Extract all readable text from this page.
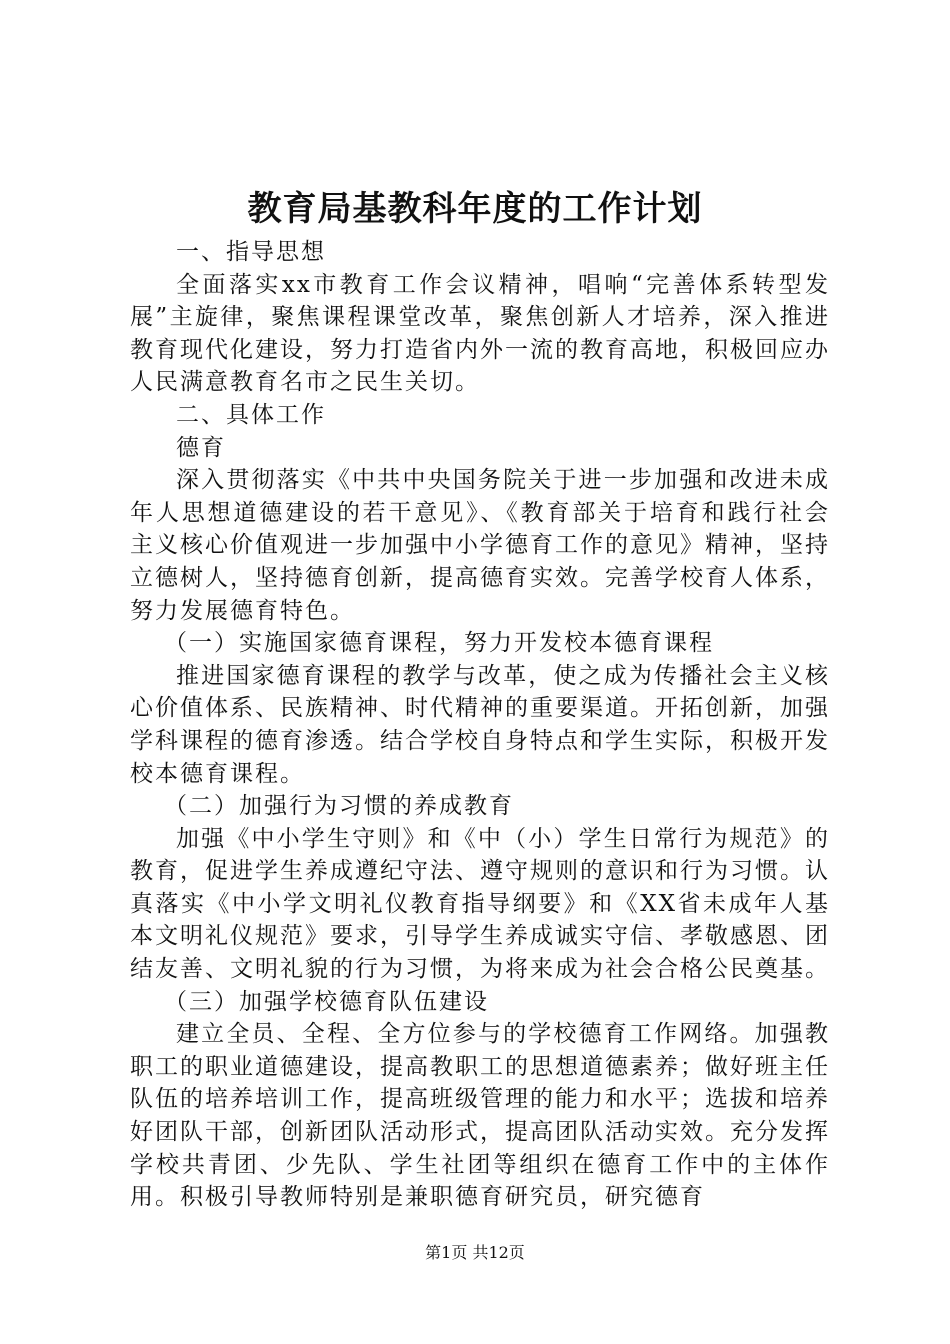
教育局基教科年度的工作计划

一、指导思想

全面落实xx市教育工作会议精神，唱响“完善体系转型发展”主旋律，聚焦课程课堂改革，聚焦创新人才培养，深入推进教育现代化建设，努力打造省内外一流的教育高地，积极回应办人民满意教育名市之民生关切。

二、具体工作

德育

深入贯彻落实《中共中央国务院关于进一步加强和改进未成年人思想道德建设的若干意见》、《教育部关于培育和践行社会主义核心价值观进一步加强中小学德育工作的意见》精神，坚持立德树人，坚持德育创新，提高德育实效。完善学校育人体系，努力发展德育特色。

（一）实施国家德育课程，努力开发校本德育课程

推进国家德育课程的教学与改革，使之成为传播社会主义核心价值体系、民族精神、时代精神的重要渠道。开拓创新，加强学科课程的德育渗透。结合学校自身特点和学生实际，积极开发校本德育课程。

（二）加强行为习惯的养成教育

加强《中小学生守则》和《中（小）学生日常行为规范》的教育，促进学生养成遵纪守法、遵守规则的意识和行为习惯。认真落实《中小学文明礼仪教育指导纲要》和《XX省未成年人基本文明礼仪规范》要求，引导学生养成诚实守信、孝敬感恩、团结友善、文明礼貌的行为习惯，为将来成为社会合格公民奠基。

（三）加强学校德育队伍建设

建立全员、全程、全方位参与的学校德育工作网络。加强教职工的职业道德建设，提高教职工的思想道德素养；做好班主任队伍的培养培训工作，提高班级管理的能力和水平；选拔和培养好团队干部，创新团队活动形式，提高团队活动实效。充分发挥学校共青团、少先队、学生社团等组织在德育工作中的主体作用。积极引导教师特别是兼职德育研究员，研究德育

第1页 共12页
